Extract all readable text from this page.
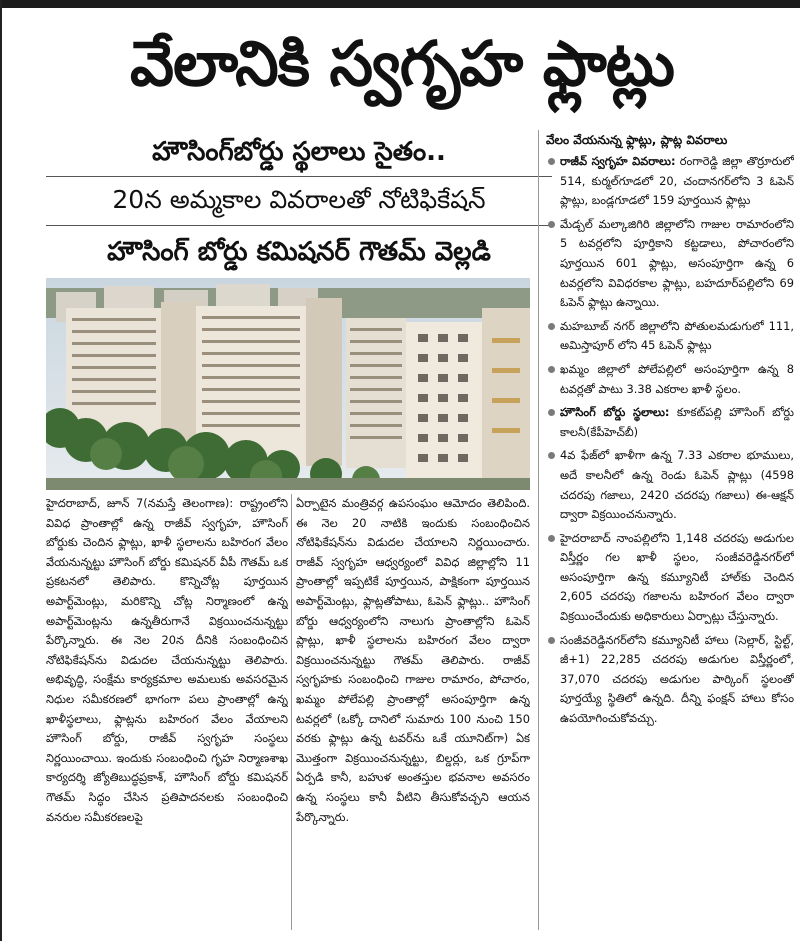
వేలానికి స్వగృహ ఫ్లాట్లు
హౌసింగ్‌బోర్డు స్థలాలు సైతం..
20న అమ్మకాల వివరాలతో నోటిఫికేషన్
హౌసింగ్ బోర్డు కమిషనర్ గౌతమ్ వెల్లడి

హైదరాబాద్, జూన్ 7(నమస్తే తెలంగాణ): రాష్ట్రంలోని వివిధ ప్రాంతాల్లో ఉన్న రాజీవ్ స్వగృహ, హౌసింగ్ బోర్డుకు చెందిన ఫ్లాట్లు, ఖాళీ స్థలాలను బహిరంగ వేలం వేయనున్నట్టు హౌసింగ్ బోర్డు కమిషనర్ వీపీ గౌతమ్ ఒక ప్రకటనలో తెలిపారు. కొన్నిచోట్ల పూర్తయిన అపార్ట్‌మెంట్లు, మరికొన్ని చోట్ల నిర్మాణంలో ఉన్న అపార్ట్‌మెంట్లను ఉన్నతీరుగానే విక్రయించనున్నట్టు పేర్కొన్నారు. ఈ నెల 20న దీనికి సంబంధించిన నోటిఫికేషన్‌ను విడుదల చేయనున్నట్టు తెలిపారు. అభివృద్ధి, సంక్షేమ కార్యక్రమాల అమలుకు అవసరమైన నిధుల సమీకరణలో భాగంగా పలు ప్రాంతాల్లో ఉన్న ఖాళీస్థలాలు, ఫ్లాట్లను బహిరంగ వేలం వేయాలని హౌసింగ్ బోర్డు, రాజీవ్ స్వగృహ సంస్థలు నిర్ణయించాయి. ఇందుకు సంబంధించి గృహ నిర్మాణశాఖ కార్యదర్శి జ్యోతిబుద్ధప్రకాశ్, హౌసింగ్ బోర్డు కమిషనర్ గౌతమ్ సిద్ధం చేసిన ప్రతిపాదనలకు సంబంధించి వనరుల సమీకరణలపై

ఏర్పాటైన మంత్రివర్గ ఉపసంఘం ఆమోదం తెలిపింది. ఈ నెల 20 నాటికి ఇందుకు సంబంధించిన నోటిఫికేషన్‌ను విడుదల చేయాలని నిర్ణయించారు. రాజీవ్ స్వగృహ ఆధ్వర్యంలో వివిధ జిల్లాల్లోని 11 ప్రాంతాల్లో ఇప్పటికే పూర్తయిన, పాక్షికంగా పూర్తయిన అపార్ట్‌మెంట్లు, ఫ్లాట్లతోపాటు, ఓపెన్ ఫ్లాట్లు.. హౌసింగ్ బోర్డు ఆధ్వర్యంలోని నాలుగు ప్రాంతాల్లోని ఓపెన్ ప్లాట్లు, ఖాళీ స్థలాలను బహిరంగ వేలం ద్వారా విక్రయించనున్నట్టు గౌతమ్ తెలిపారు. రాజీవ్ స్వగృహకు సంబంధించి గాజుల రామారం, పోచారం, ఖమ్మం పోలేపల్లి ప్రాంతాల్లో అసంపూర్తిగా ఉన్న టవర్లలో (ఒక్కో దానిలో సుమారు 100 నుంచి 150 వరకు ఫ్లాట్లు ఉన్న టవర్‌ను ఒకే యూనిట్‌గా) ఏక మొత్తంగా విక్రయించనున్నట్టు, బిల్డర్లు, ఒక గ్రూప్‌గా ఏర్పడి కానీ, బహుళ అంతస్తుల భవనాల అవసరం ఉన్న సంస్థలు కానీ వీటిని తీసుకోవచ్చని ఆయన పేర్కొన్నారు.

వేలం వేయనున్న ఫ్లాట్లు, ప్లాట్ల వివరాలు
రాజీవ్ స్వగృహ వివరాలు: రంగారెడ్డి జిల్లా తొర్రూరులో 514, కుర్మల్‌గూడలో 20, చందానగర్‌లోని 3 ఓపెన్ ఫ్లాట్లు, బండ్లగూడలో 159 పూర్తయిన ఫ్లాట్లు
మేడ్చల్ మల్కాజిగిరి జిల్లాలోని గాజుల రామారంలోని 5 టవర్లలోని పూర్తికాని కట్టడాలు, పోచారంలోని పూర్తయిన 601 ఫ్లాట్లు, అసంపూర్తిగా ఉన్న 6 టవర్లలోని వివిధరకాల ఫ్లాట్లు, బహదూర్‌పల్లిలోని 69 ఓపెన్ ఫ్లాట్లు ఉన్నాయి.
మహబూబ్ నగర్ జిల్లాలోని పోతులమడుగులో 111, అమిస్తాపూర్ లోని 45 ఓపెన్ ఫ్లాట్లు
ఖమ్మం జిల్లాలో పోలేపల్లిలో అసంపూర్తిగా ఉన్న 8 టవర్లతో పాటు 3.38 ఎకరాల ఖాళీ స్థలం.
హౌసింగ్ బోర్డు స్థలాలు: కూకట్‌పల్లి హౌసింగ్ బోర్డు కాలనీ(కేపీహెచ్‌బీ)
4వ ఫేజ్‌లో ఖాళీగా ఉన్న 7.33 ఎకరాల భూములు, అదే కాలనీలో ఉన్న రెండు ఓపెన్ ప్లాట్లు (4598 చదరపు గజాలు, 2420 చదరపు గజాలు) ఈ-ఆక్షన్ ద్వారా విక్రయించనున్నారు.
హైదరాబాద్ నాంపల్లిలోని 1,148 చదరపు అడుగుల విస్తీర్ణం గల ఖాళీ స్థలం, సంజీవరెడ్డినగర్‌లో అసంపూర్తిగా ఉన్న కమ్యూనిటీ హాల్‌కు చెందిన 2,605 చదరపు గజాలను బహిరంగ వేలం ద్వారా విక్రయించేందుకు అధికారులు ఏర్పాట్లు చేస్తున్నారు.
సంజీవరెడ్డినగర్‌లోని కమ్యూనిటీ హాలు (సెల్లార్, స్టిల్ట్, జీ+1) 22,285 చదరపు అడుగుల విస్తీర్ణంలో, 37,070 చదరపు అడుగుల పార్కింగ్ స్థలంతో పూర్తయ్యే స్థితిలో ఉన్నది. దీన్ని ఫంక్షన్ హాలు కోసం ఉపయోగించుకోవచ్చు.
